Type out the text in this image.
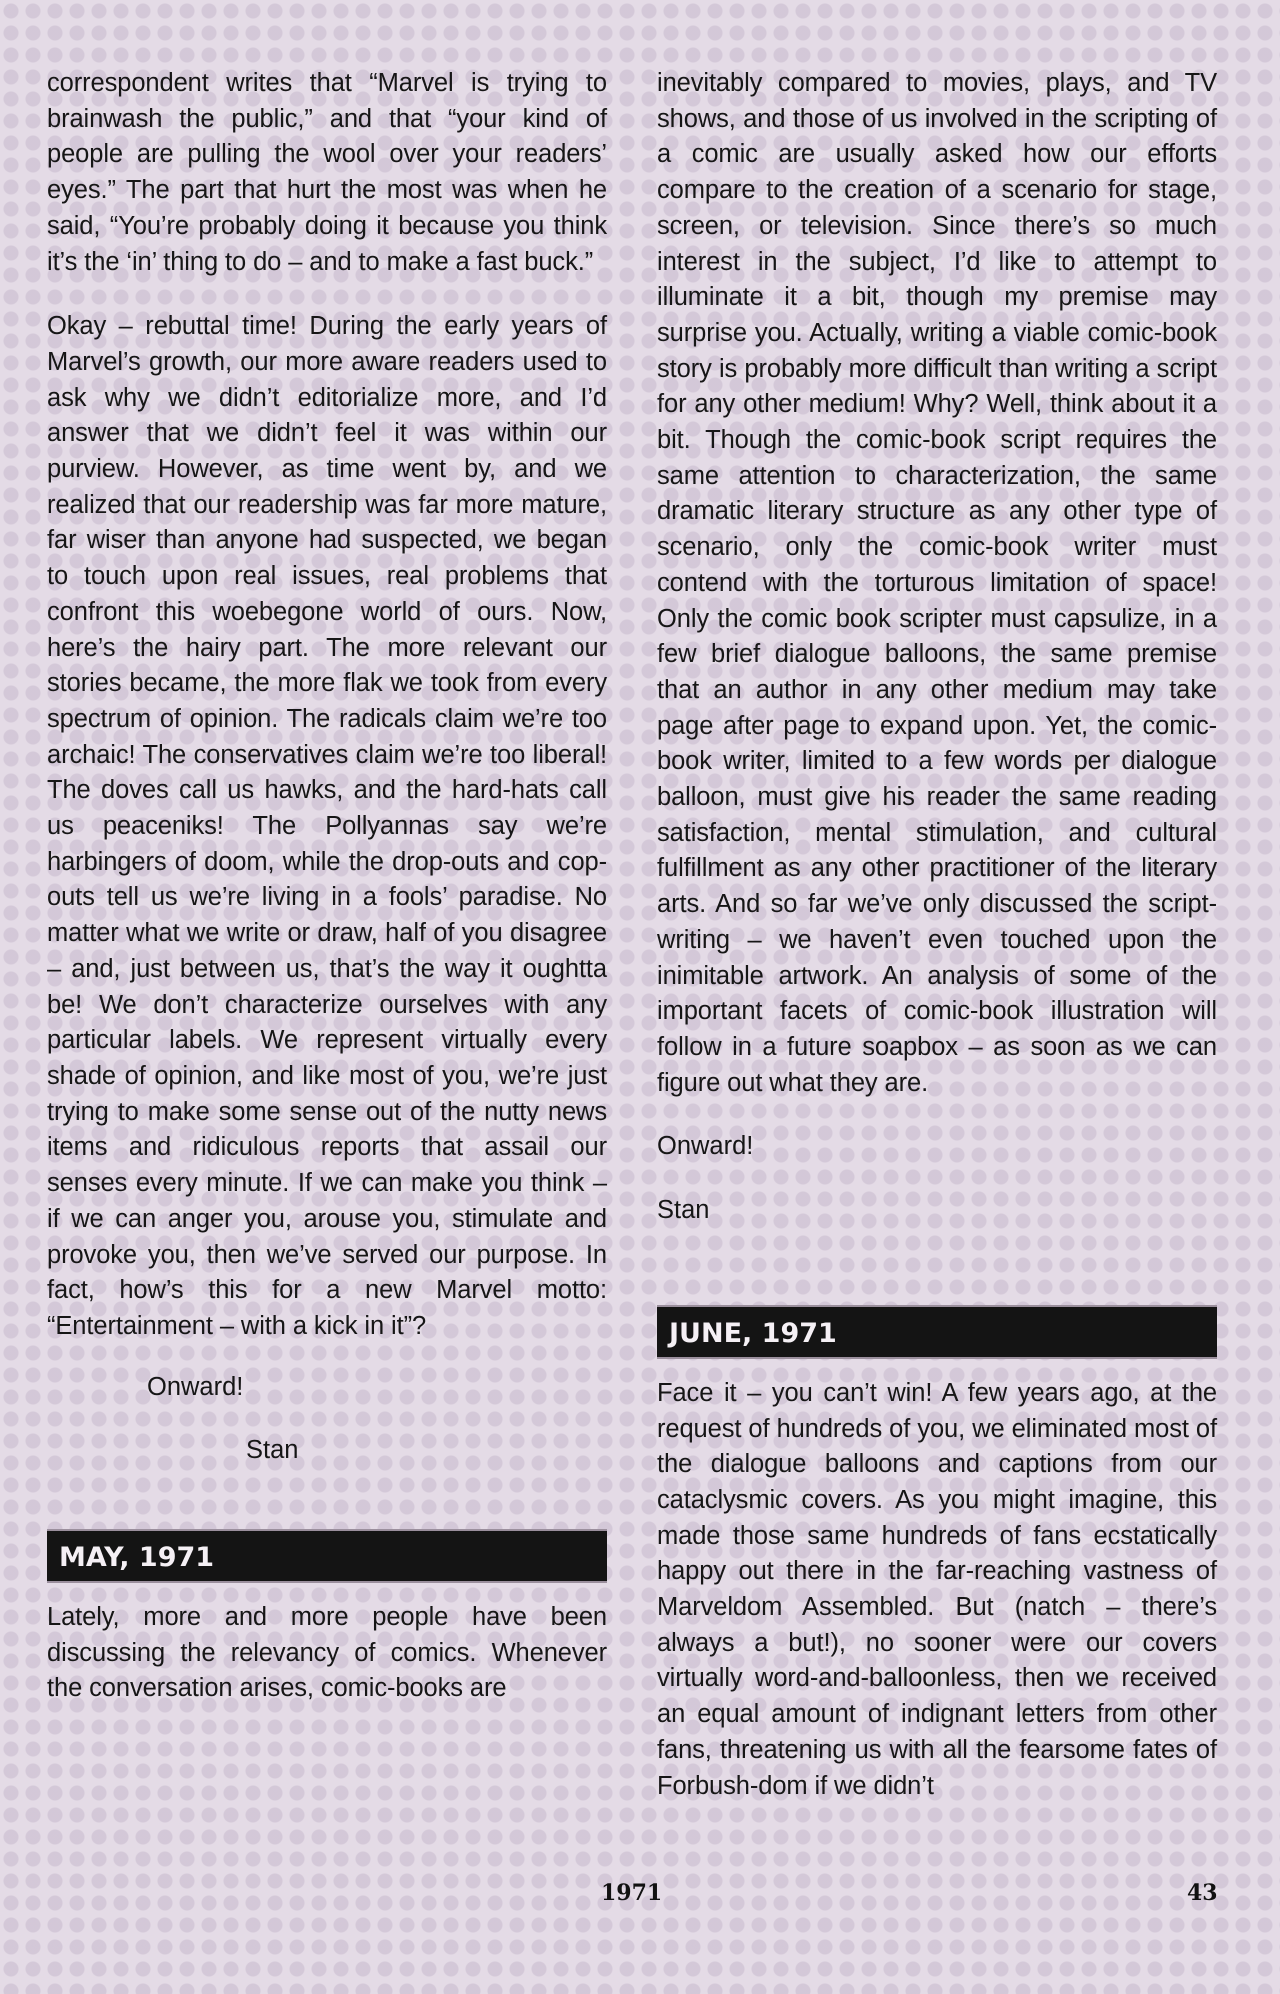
correspondent writes that “Marvel is trying to brainwash the public,” and that “your kind of people are pulling the wool over your readers’ eyes.” The part that hurt the most was when he said, “You’re probably doing it because you think it’s the ‘in’ thing to do – and to make a fast buck.”

Okay – rebuttal time! During the early years of Marvel’s growth, our more aware readers used to ask why we didn’t editorialize more, and I’d answer that we didn’t feel it was within our purview. However, as time went by, and we realized that our readership was far more mature, far wiser than anyone had suspected, we began to touch upon real issues, real problems that confront this woebegone world of ours. Now, here’s the hairy part. The more relevant our stories became, the more flak we took from every spectrum of opinion. The radicals claim we’re too archaic! The conservatives claim we’re too liberal! The doves call us hawks, and the hard-hats call us peaceniks! The Pollyannas say we’re harbingers of doom, while the drop-outs and cop-outs tell us we’re living in a fools’ paradise. No matter what we write or draw, half of you disagree – and, just between us, that’s the way it oughtta be! We don’t characterize ourselves with any particular labels. We represent virtually every shade of opinion, and like most of you, we’re just trying to make some sense out of the nutty news items and ridiculous reports that assail our senses every minute. If we can make you think – if we can anger you, arouse you, stimulate and provoke you, then we’ve served our purpose. In fact, how’s this for a new Marvel motto: “Entertainment – with a kick in it”?

Onward!
Stan
MAY, 1971

Lately, more and more people have been discussing the relevancy of comics. Whenever the conversation arises, comic-books are

inevitably compared to movies, plays, and TV shows, and those of us involved in the scripting of a comic are usually asked how our efforts compare to the creation of a scenario for stage, screen, or television. Since there’s so much interest in the subject, I’d like to attempt to illuminate it a bit, though my premise may surprise you. Actually, writing a viable comic-book story is probably more difficult than writing a script for any other medium! Why? Well, think about it a bit. Though the comic-book script requires the same attention to characterization, the same dramatic literary structure as any other type of scenario, only the comic-book writer must contend with the torturous limitation of space! Only the comic book scripter must capsulize, in a few brief dialogue balloons, the same premise that an author in any other medium may take page after page to expand upon. Yet, the comic-book writer, limited to a few words per dialogue balloon, must give his reader the same reading satisfaction, mental stimulation, and cultural fulfillment as any other practitioner of the literary arts. And so far we’ve only discussed the script-writing – we haven’t even touched upon the inimitable artwork. An analysis of some of the important facets of comic-book illustration will follow in a future soapbox – as soon as we can figure out what they are.

Onward!
Stan
JUNE, 1971

Face it – you can’t win! A few years ago, at the request of hundreds of you, we eliminated most of the dialogue balloons and captions from our cataclysmic covers. As you might imagine, this made those same hundreds of fans ecstatically happy out there in the far-reaching vastness of Marveldom Assembled. But (natch – there’s always a but!), no sooner were our covers virtually word-and-balloonless, then we received an equal amount of indignant letters from other fans, threatening us with all the fearsome fates of Forbush-dom if we didn’t

1971	43
